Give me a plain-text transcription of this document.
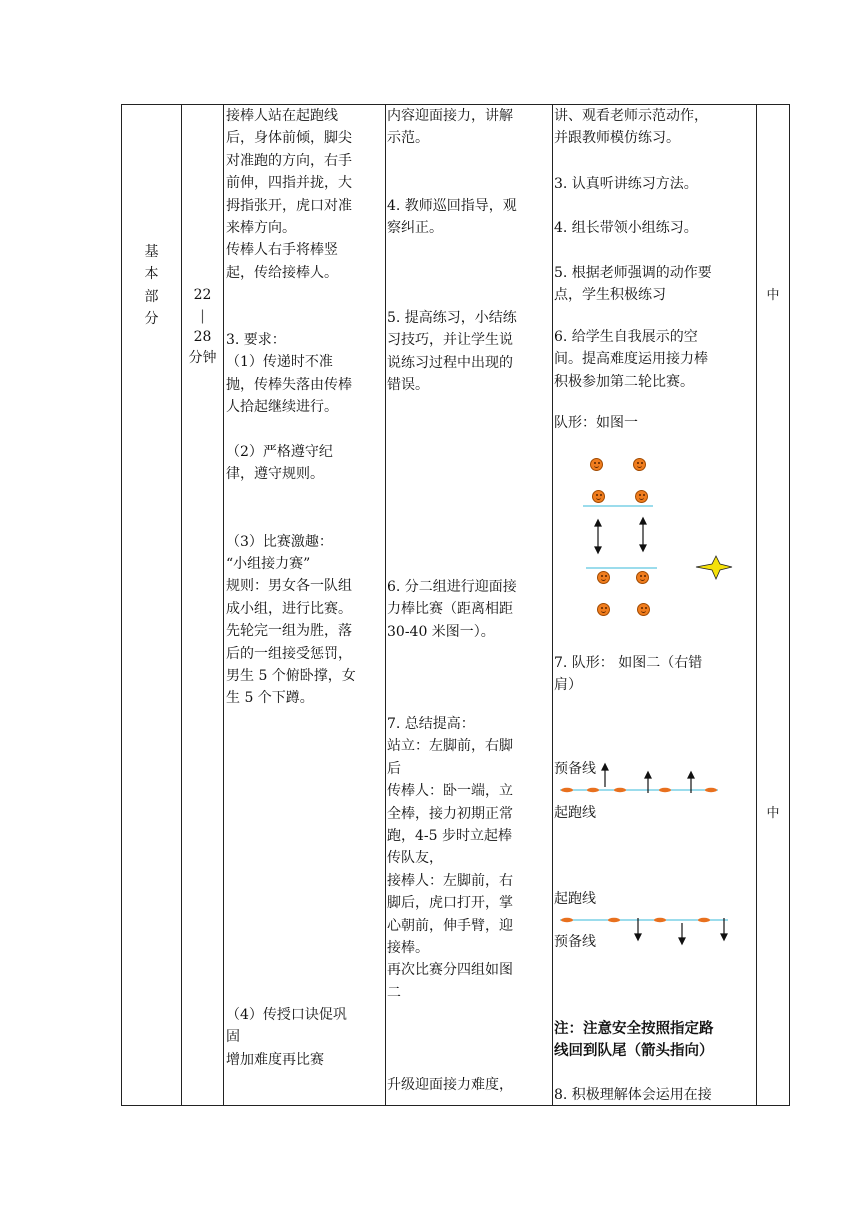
基
本
部
分
22
|
28
分钟
接棒人站在起跑线
后，身体前倾，脚尖
对准跑的方向，右手
前伸，四指并拢，大
拇指张开，虎口对准
来棒方向。
传棒人右手将棒竖
起，传给接棒人。
3. 要求：
（1）传递时不准
抛，传棒失落由传棒
人拾起继续进行。
（2）严格遵守纪
律，遵守规则。
（3）比赛激趣：
“小组接力赛”
规则：男女各一队组
成小组，进行比赛。
先轮完一组为胜，落
后的一组接受惩罚，
男生 5 个俯卧撑，女
生 5 个下蹲。
（4）传授口诀促巩
固
增加难度再比赛
内容迎面接力，讲解
示范。
4. 教师巡回指导，观
察纠正。
5. 提高练习，小结练
习技巧，并让学生说
说练习过程中出现的
错误。
6. 分二组进行迎面接
力棒比赛（距离相距
30-40 米图一）。
7. 总结提高：
站立：左脚前，右脚
后
传棒人：卧一端，立
全棒，接力初期正常
跑，4-5 步时立起棒
传队友，
接棒人：左脚前，右
脚后，虎口打开，掌
心朝前，伸手臂，迎
接棒。
再次比赛分四组如图
二
升级迎面接力难度，
讲、观看老师示范动作，
并跟教师模仿练习。
3. 认真听讲练习方法。
4. 组长带领小组练习。
5. 根据老师强调的动作要
点，学生积极练习
6. 给学生自我展示的空
间。提高难度运用接力棒
积极参加第二轮比赛。
队形：如图一
7. 队形： 如图二（右错
肩）
预备线
起跑线
起跑线
预备线
注：注意安全按照指定路
线回到队尾（箭头指向）
8. 积极理解体会运用在接
中
中
